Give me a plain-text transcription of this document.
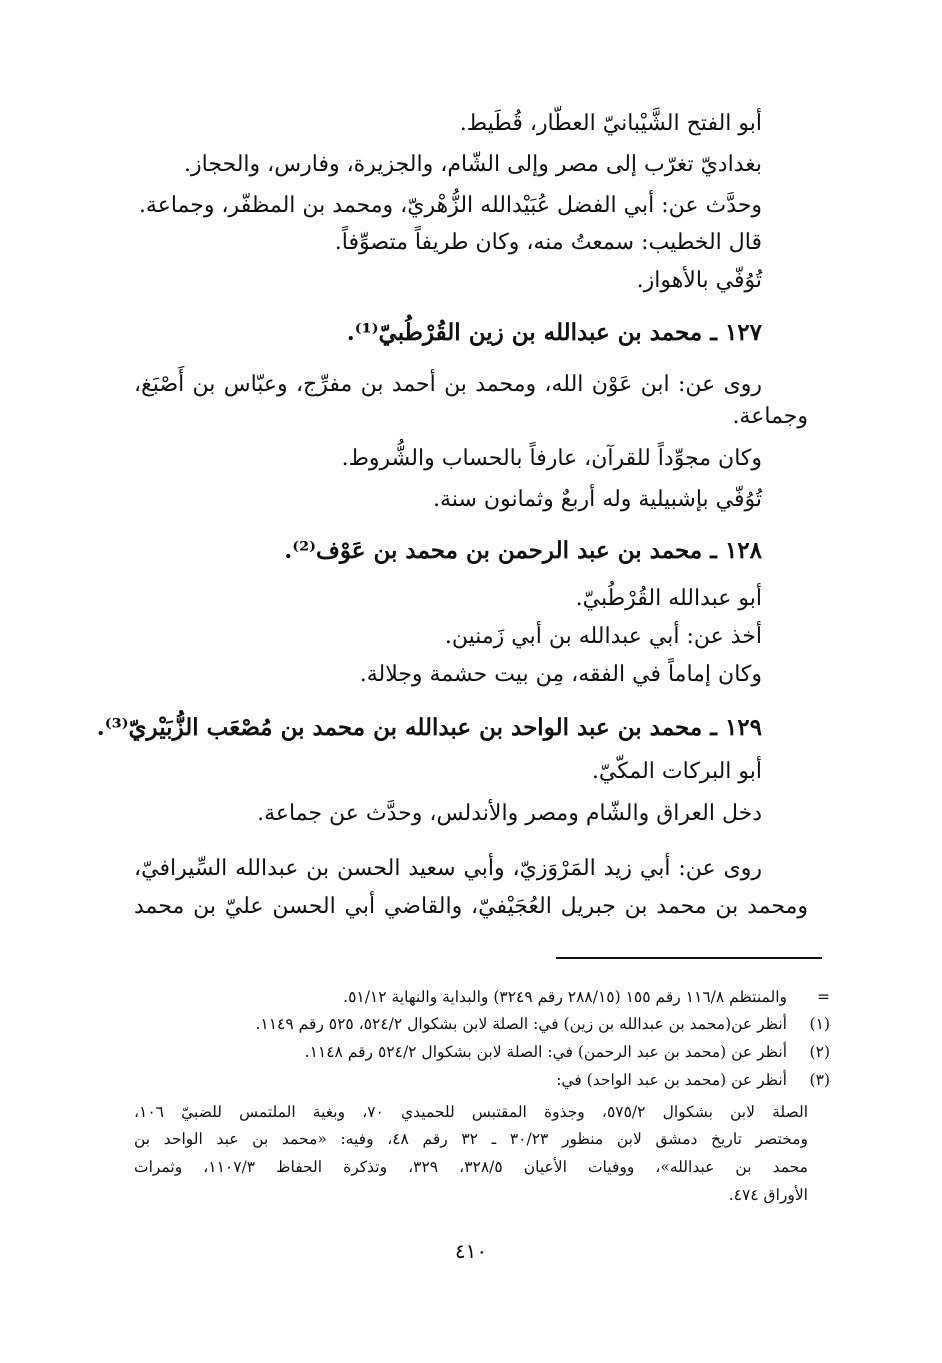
أبو الفتح الشَّيْبانيّ العطّار، قُطَيط.
بغداديّ تغرّب إلى مصر وإلى الشّام، والجزيرة، وفارس، والحجاز.
وحدَّث عن: أبي الفضل عُبَيْدالله الزُّهْريّ، ومحمد بن المظفّر، وجماعة.
قال الخطيب: سمعتُ منه، وكان طريفاً متصوِّفاً.
تُوُفّي بالأهواز.
١٢٧ ـ محمد بن عبدالله بن زين القُرْطُبيّ⁽¹⁾.
روى عن: ابن عَوْن الله، ومحمد بن أحمد بن مفرِّج، وعبّاس بن أَصْبَغ،
وجماعة.
وكان مجوِّداً للقرآن، عارفاً بالحساب والشُّروط.
تُوُفّي بإشبيلية وله أربعٌ وثمانون سنة.
١٢٨ ـ محمد بن عبد الرحمن بن محمد بن عَوْف⁽²⁾.
أبو عبدالله القُرْطُبيّ.
أخذ عن: أبي عبدالله بن أبي زَمنين.
وكان إماماً في الفقه، مِن بيت حشمة وجلالة.
١٢٩ ـ محمد بن عبد الواحد بن عبدالله بن محمد بن مُصْعَب الزُّبَيْريّ⁽³⁾.
أبو البركات المكّيّ.
دخل العراق والشّام ومصر والأندلس، وحدَّث عن جماعة.
روى عن: أبي زيد المَرْوَزيّ، وأبي سعيد الحسن بن عبدالله السِّيرافيّ،
ومحمد بن محمد بن جبريل العُجَيْفيّ، والقاضي أبي الحسن عليّ بن محمد
=
والمنتظم ١١٦/٨ رقم ١٥٥ (٢٨٨/١٥ رقم ٣٢٤٩) والبداية والنهاية ٥١/١٢.
(١)
أنظر عن(محمد بن عبدالله بن زين) في: الصلة لابن بشكوال ٥٢٤/٢، ٥٢٥ رقم ١١٤٩.
(٢)
أنظر عن (محمد بن عبد الرحمن) في: الصلة لابن بشكوال ٥٢٤/٢ رقم ١١٤٨.
(٣)
أنظر عن (محمد بن عبد الواحد) في:
الصلة لابن بشكوال ٥٧٥/٢، وجذوة المقتبس للحميدي ٧٠، وبغية الملتمس للضبيّ ١٠٦،
ومختصر تاريخ دمشق لابن منظور ٣٠/٢٣ ـ ٣٢ رقم ٤٨، وفيه: «محمد بن عبد الواحد بن
محمد بن عبدالله»، ووفيات الأعيان ٣٢٨/٥، ٣٢٩، وتذكرة الحفاظ ١١٠٧/٣، وثمرات
الأوراق ٤٧٤.
٤١٠
